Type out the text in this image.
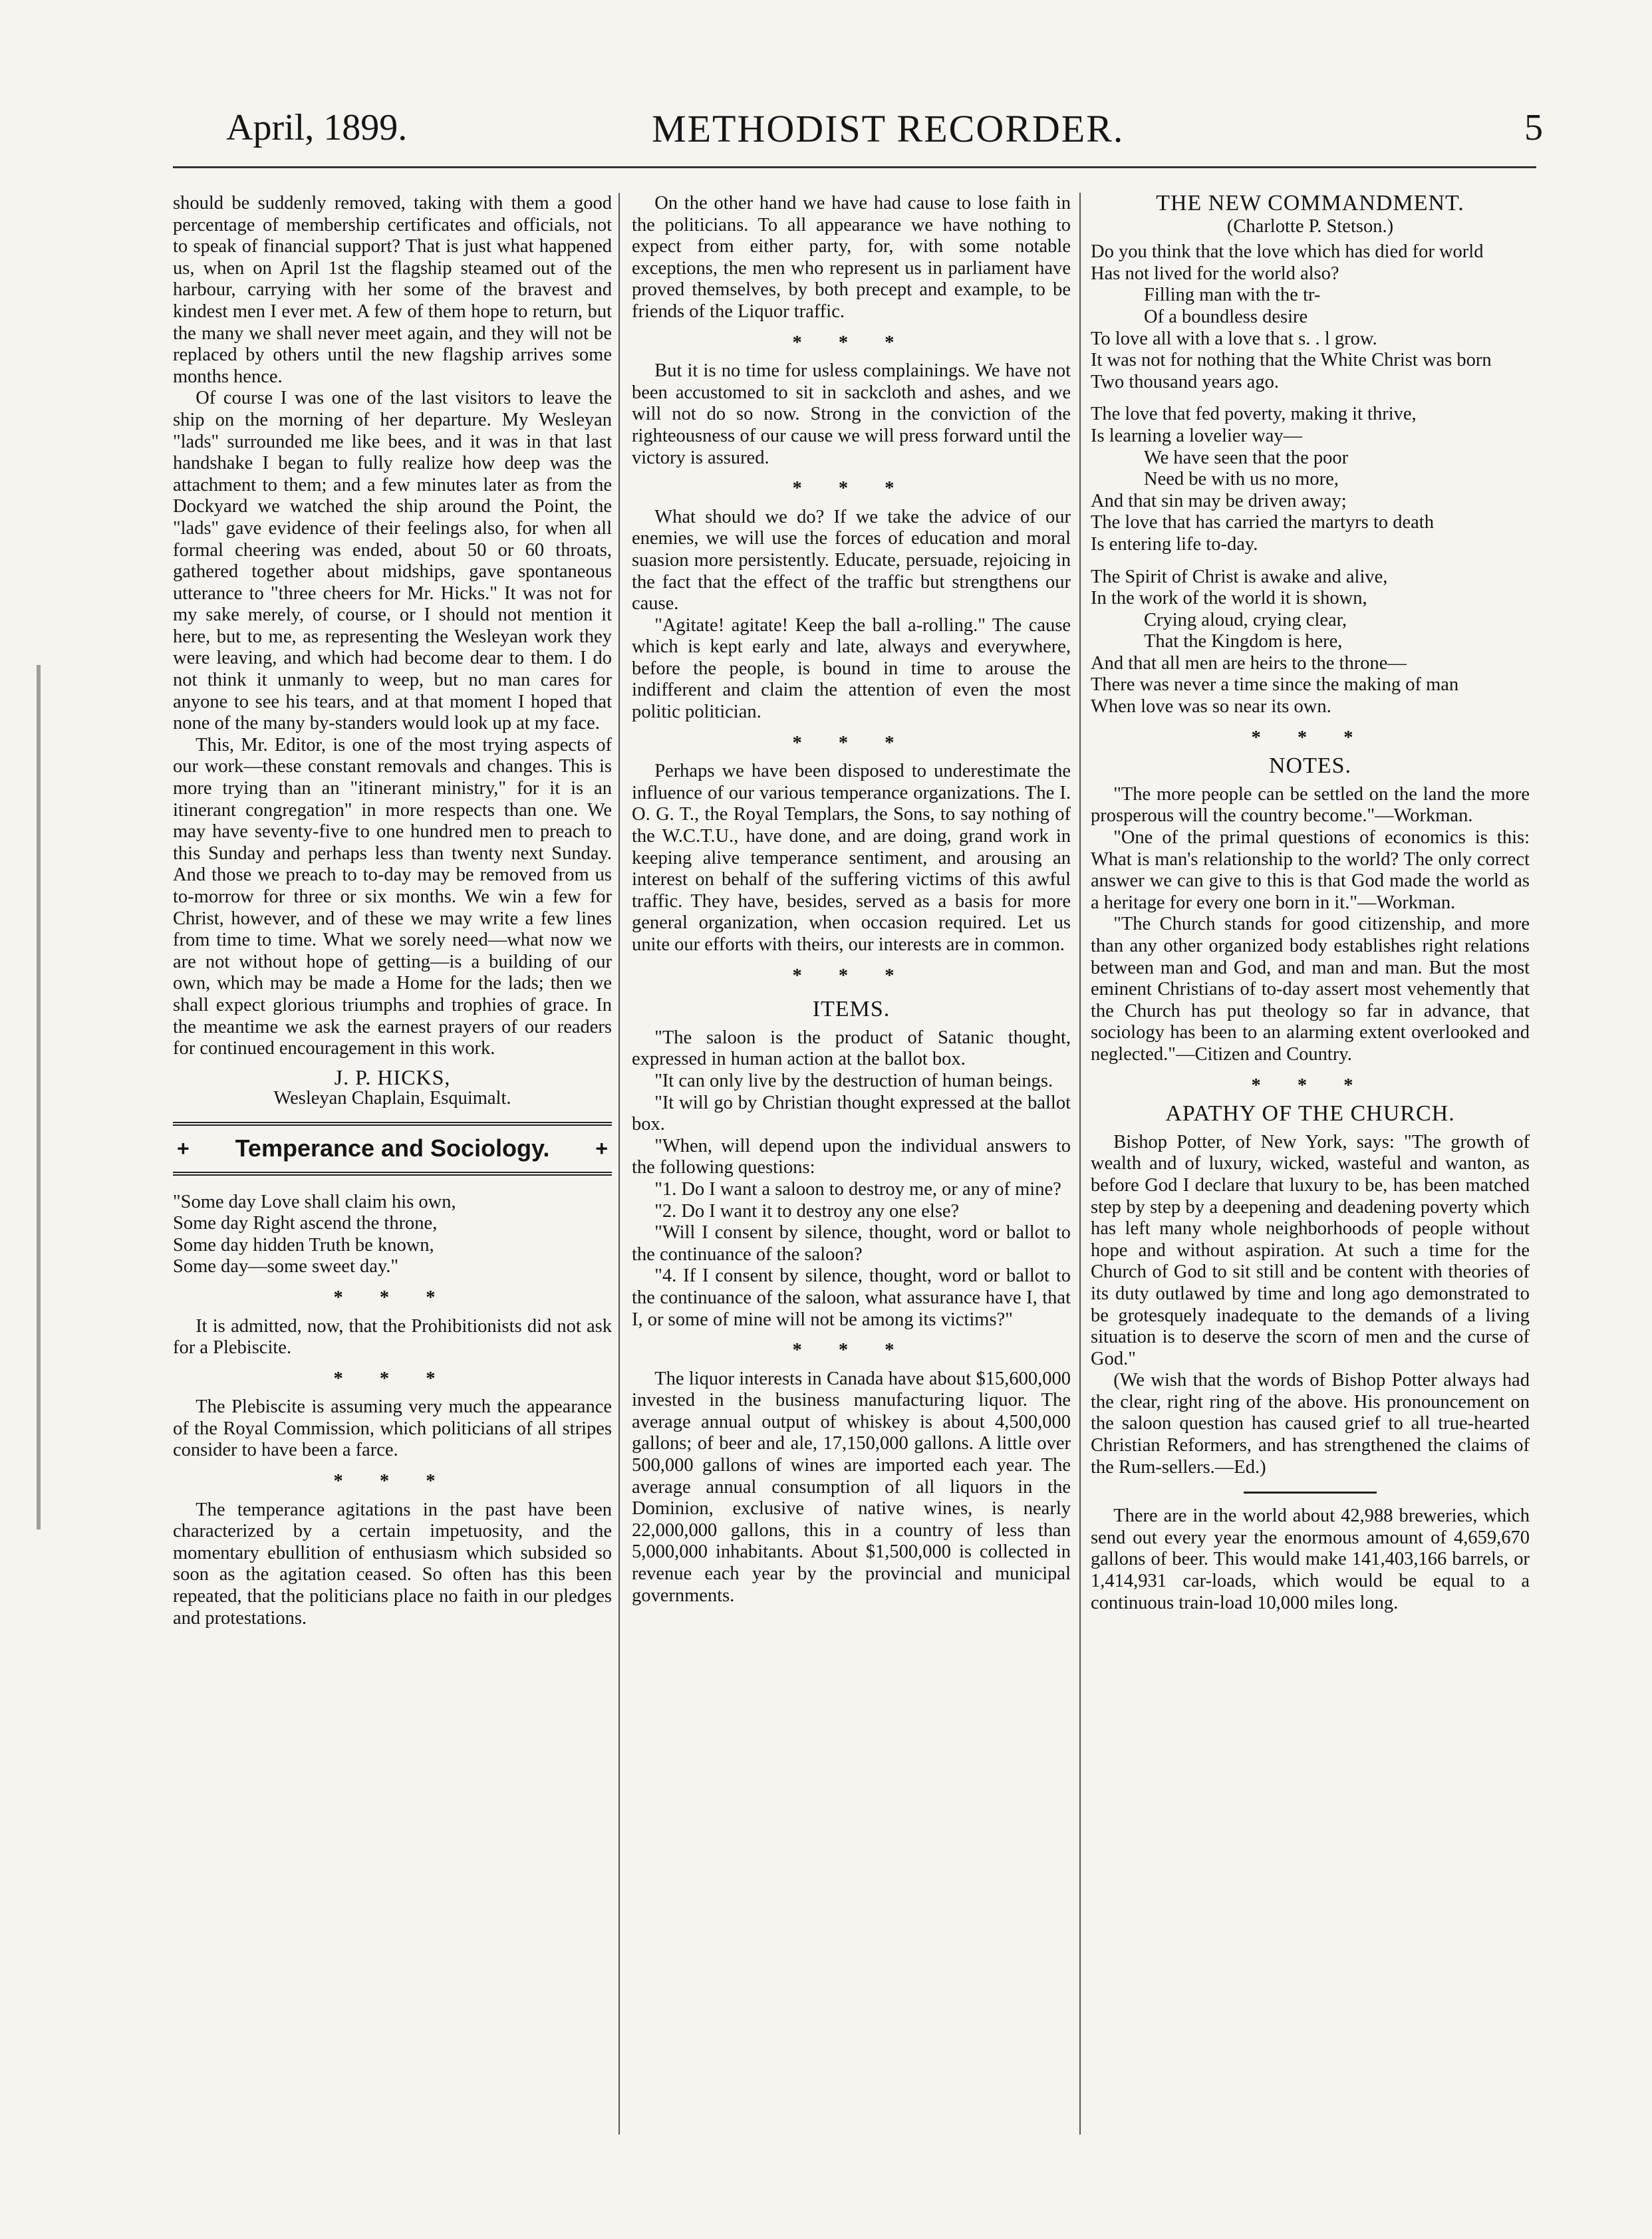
April, 1899.	METHODIST RECORDER.	5

should be suddenly removed, taking with them a good percentage of membership certificates and officials, not to speak of financial support? That is just what happened us, when on April 1st the flagship steamed out of the harbour, carrying with her some of the bravest and kindest men I ever met. A few of them hope to return, but the many we shall never meet again, and they will not be replaced by others until the new flagship arrives some months hence.

Of course I was one of the last visitors to leave the ship on the morning of her departure. My Wesleyan "lads" surrounded me like bees, and it was in that last handshake I began to fully realize how deep was the attachment to them; and a few minutes later as from the Dockyard we watched the ship around the Point, the "lads" gave evidence of their feelings also, for when all formal cheering was ended, about 50 or 60 throats, gathered together about midships, gave spontaneous utterance to "three cheers for Mr. Hicks." It was not for my sake merely, of course, or I should not mention it here, but to me, as representing the Wesleyan work they were leaving, and which had become dear to them. I do not think it unmanly to weep, but no man cares for anyone to see his tears, and at that moment I hoped that none of the many by-standers would look up at my face.

This, Mr. Editor, is one of the most trying aspects of our work—these constant removals and changes. This is more trying than an "itinerant ministry," for it is an itinerant congregation" in more respects than one. We may have seventy-five to one hundred men to preach to this Sunday and perhaps less than twenty next Sunday. And those we preach to to-day may be removed from us to-morrow for three or six months. We win a few for Christ, however, and of these we may write a few lines from time to time. What we sorely need—what now we are not without hope of getting—is a building of our own, which may be made a Home for the lads; then we shall expect glorious triumphs and trophies of grace. In the meantime we ask the earnest prayers of our readers for continued encouragement in this work.

J. P. HICKS,
Wesleyan Chaplain, Esquimalt.
+ Temperance and Sociology. +
"Some day Love shall claim his own,
Some day Right ascend the throne,
Some day hidden Truth be known,
Some day—some sweet day."
* * *

It is admitted, now, that the Prohibitionists did not ask for a Plebiscite.

* * *

The Plebiscite is assuming very much the appearance of the Royal Commission, which politicians of all stripes consider to have been a farce.

* * *

The temperance agitations in the past have been characterized by a certain impetuosity, and the momentary ebullition of enthusiasm which subsided so soon as the agitation ceased. So often has this been repeated, that the politicians place no faith in our pledges and protestations.

On the other hand we have had cause to lose faith in the politicians. To all appearance we have nothing to expect from either party, for, with some notable exceptions, the men who represent us in parliament have proved themselves, by both precept and example, to be friends of the Liquor traffic.

* * *

But it is no time for usless complainings. We have not been accustomed to sit in sackcloth and ashes, and we will not do so now. Strong in the conviction of the righteousness of our cause we will press forward until the victory is assured.

* * *

What should we do? If we take the advice of our enemies, we will use the forces of education and moral suasion more persistently. Educate, persuade, rejoicing in the fact that the effect of the traffic but strengthens our cause.

"Agitate! agitate! Keep the ball a-rolling." The cause which is kept early and late, always and everywhere, before the people, is bound in time to arouse the indifferent and claim the attention of even the most politic politician.

* * *

Perhaps we have been disposed to underestimate the influence of our various temperance organizations. The I. O. G. T., the Royal Templars, the Sons, to say nothing of the W.C.T.U., have done, and are doing, grand work in keeping alive temperance sentiment, and arousing an interest on behalf of the suffering victims of this awful traffic. They have, besides, served as a basis for more general organization, when occasion required. Let us unite our efforts with theirs, our interests are in common.

* * *
ITEMS.

"The saloon is the product of Satanic thought, expressed in human action at the ballot box.

"It can only live by the destruction of human beings.

"It will go by Christian thought expressed at the ballot box.

"When, will depend upon the individual answers to the following questions:

"1. Do I want a saloon to destroy me, or any of mine?

"2. Do I want it to destroy any one else?

"Will I consent by silence, thought, word or ballot to the continuance of the saloon?

"4. If I consent by silence, thought, word or ballot to the continuance of the saloon, what assurance have I, that I, or some of mine will not be among its victims?"

* * *

The liquor interests in Canada have about $15,600,000 invested in the business manufacturing liquor. The average annual output of whiskey is about 4,500,000 gallons; of beer and ale, 17,150,000 gallons. A little over 500,000 gallons of wines are imported each year. The average annual consumption of all liquors in the Dominion, exclusive of native wines, is nearly 22,000,000 gallons, this in a country of less than 5,000,000 inhabitants. About $1,500,000 is collected in revenue each year by the provincial and municipal governments.

THE NEW COMMANDMENT.
(Charlotte P. Stetson.)
Do you think that the love which has died for world
Has not lived for the world also?
Filling man with the tr-
Of a boundless desire
To love all with a love that s. . l grow.
It was not for nothing that the White Christ was born
Two thousand years ago.
The love that fed poverty, making it thrive,
Is learning a lovelier way—
We have seen that the poor
Need be with us no more,
And that sin may be driven away;
The love that has carried the martyrs to death
Is entering life to-day.
The Spirit of Christ is awake and alive,
In the work of the world it is shown,
Crying aloud, crying clear,
That the Kingdom is here,
And that all men are heirs to the throne—
There was never a time since the making of man
When love was so near its own.
* * *
NOTES.

"The more people can be settled on the land the more prosperous will the country become."—Workman.

"One of the primal questions of economics is this: What is man's relationship to the world? The only correct answer we can give to this is that God made the world as a heritage for every one born in it."—Workman.

"The Church stands for good citizenship, and more than any other organized body establishes right relations between man and God, and man and man. But the most eminent Christians of to-day assert most vehemently that the Church has put theology so far in advance, that sociology has been to an alarming extent overlooked and neglected."—Citizen and Country.

* * *
APATHY OF THE CHURCH.

Bishop Potter, of New York, says: "The growth of wealth and of luxury, wicked, wasteful and wanton, as before God I declare that luxury to be, has been matched step by step by a deepening and deadening poverty which has left many whole neighborhoods of people without hope and without aspiration. At such a time for the Church of God to sit still and be content with theories of its duty outlawed by time and long ago demonstrated to be grotesquely inadequate to the demands of a living situation is to deserve the scorn of men and the curse of God."

(We wish that the words of Bishop Potter always had the clear, right ring of the above. His pronouncement on the saloon question has caused grief to all true-hearted Christian Reformers, and has strengthened the claims of the Rum-sellers.—Ed.)

There are in the world about 42,988 breweries, which send out every year the enormous amount of 4,659,670 gallons of beer. This would make 141,403,166 barrels, or 1,414,931 car-loads, which would be equal to a continuous train-load 10,000 miles long.
